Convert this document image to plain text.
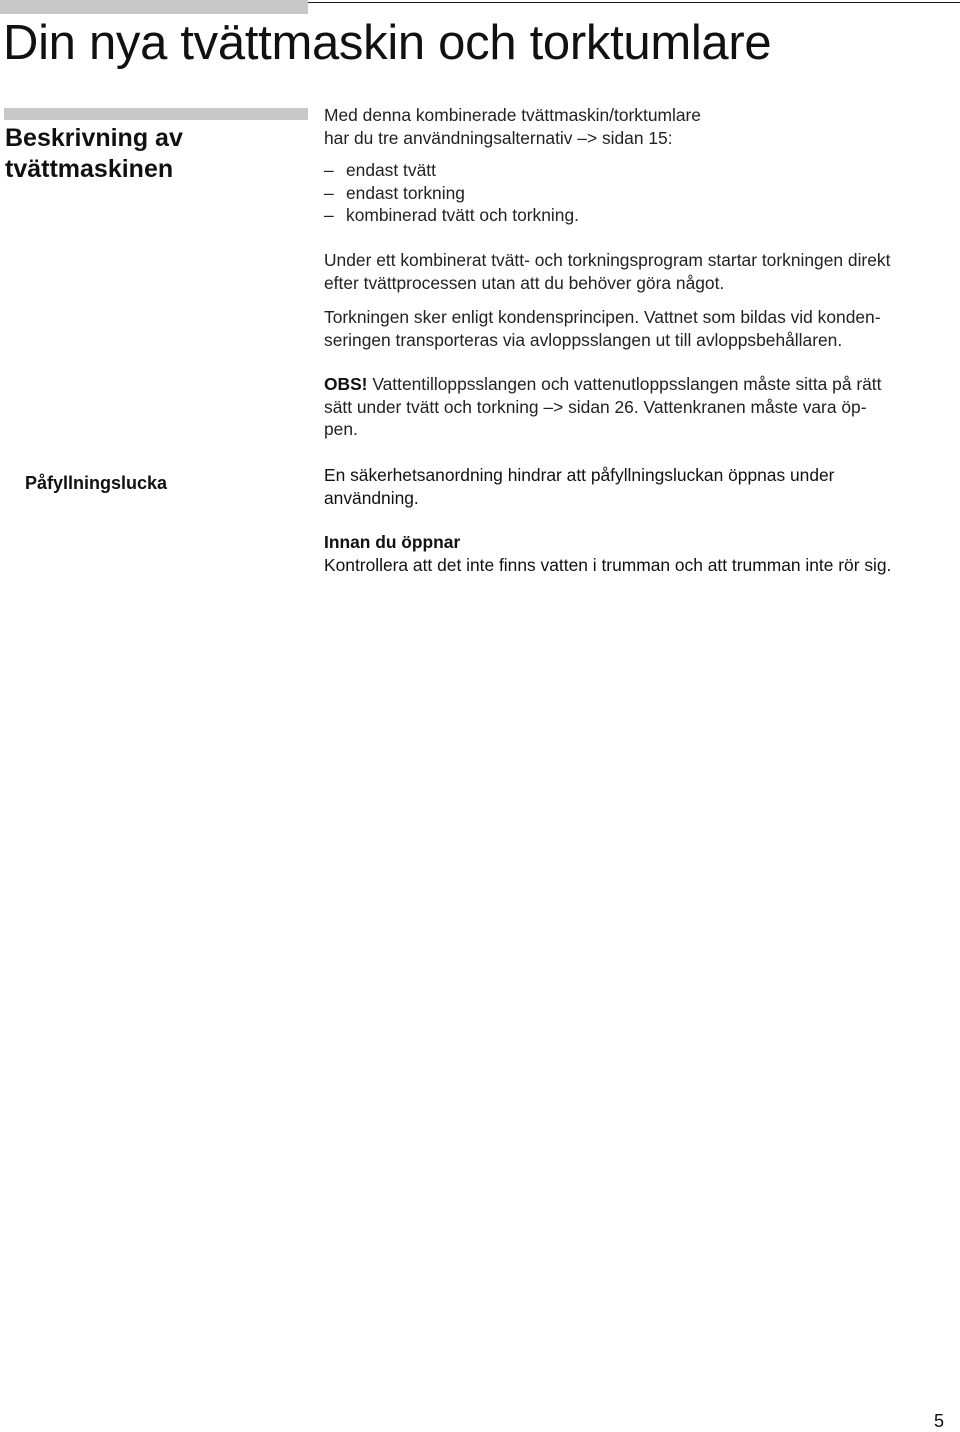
Din nya tvättmaskin och torktumlare
Beskrivning av
tvättmaskinen

Med denna kombinerade tvättmaskin/torktumlare
har du tre användningsalternativ –> sidan 15:

– endast tvätt
– endast torkning
– kombinerad tvätt och torkning.

Under ett kombinerat tvätt- och torkningsprogram startar torkningen direkt
efter tvättprocessen utan att du behöver göra något.

Torkningen sker enligt kondensprincipen. Vattnet som bildas vid konden-
seringen transporteras via avloppsslangen ut till avloppsbehållaren.

OBS! Vattentilloppsslangen och vattenutloppsslangen måste sitta på rätt
sätt under tvätt och torkning –> sidan 26. Vattenkranen måste vara öp-
pen.

Påfyllningslucka	En säkerhetsanordning hindrar att påfyllningsluckan öppnas under
användning.

Innan du öppnar
Kontrollera att det inte finns vatten i trumman och att trumman inte rör sig.

5
